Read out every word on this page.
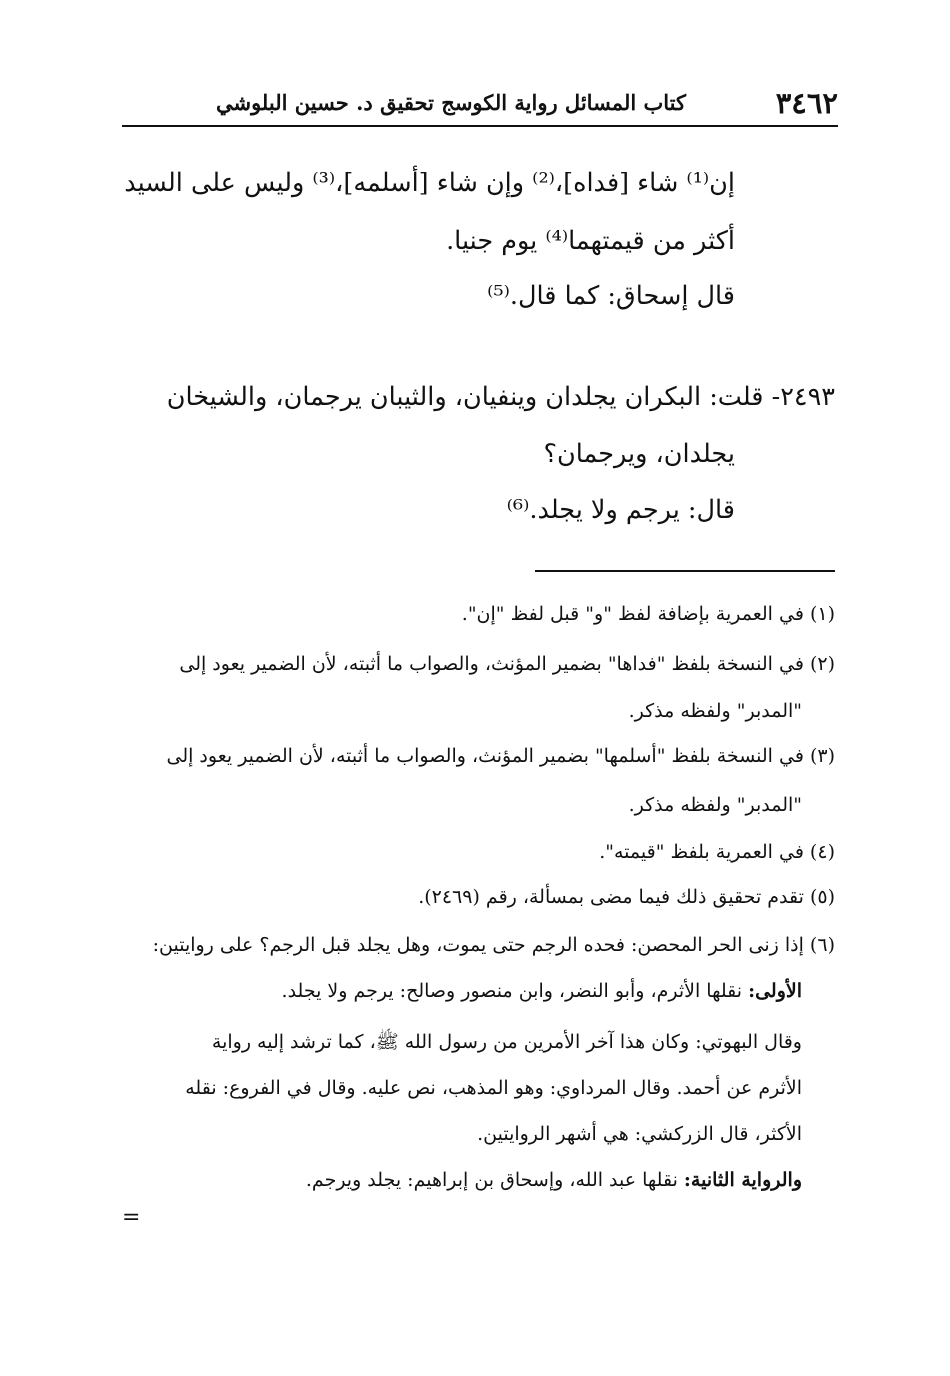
٣٤٦٢
كتاب المسائل رواية الكوسج تحقيق د. حسين البلوشي
إن⁽¹⁾ شاء [فداه]،⁽²⁾ وإن شاء [أسلمه]،⁽³⁾ وليس على السيد
أكثر من قيمتهما⁽⁴⁾ يوم جنيا.
قال إسحاق: كما قال.⁽⁵⁾
٢٤٩٣- قلت: البكران يجلدان وينفيان، والثيبان يرجمان، والشيخان
يجلدان، ويرجمان؟
قال: يرجم ولا يجلد.⁽⁶⁾
(١) في العمرية بإضافة لفظ "و" قبل لفظ "إن".
(٢) في النسخة بلفظ "فداها" بضمير المؤنث، والصواب ما أثبته، لأن الضمير يعود إلى
"المدبر" ولفظه مذكر.
(٣) في النسخة بلفظ "أسلمها" بضمير المؤنث، والصواب ما أثبته، لأن الضمير يعود إلى
"المدبر" ولفظه مذكر.
(٤) في العمرية بلفظ "قيمته".
(٥) تقدم تحقيق ذلك فيما مضى بمسألة، رقم (٢٤٦٩).
(٦) إذا زنى الحر المحصن: فحده الرجم حتى يموت، وهل يجلد قبل الرجم؟ على روايتين:
الأولى: نقلها الأثرم، وأبو النضر، وابن منصور وصالح: يرجم ولا يجلد.
وقال البهوتي: وكان هذا آخر الأمرين من رسول الله ﷺ، كما ترشد إليه رواية
الأثرم عن أحمد. وقال المرداوي: وهو المذهب، نص عليه. وقال في الفروع: نقله
الأكثر، قال الزركشي: هي أشهر الروايتين.
والرواية الثانية: نقلها عبد الله، وإسحاق بن إبراهيم: يجلد ويرجم.
=
